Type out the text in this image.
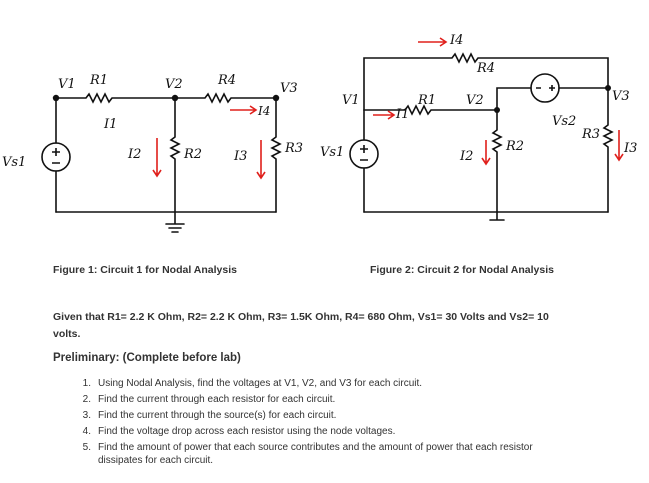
V1 R1	V2	R4
V3
I1
I2	R2 I3
R3
Vs1
I4
I4
R4
V1
I1
R1 V2
Vs2
V3
R2
I2
R3
I3
Vs1
Figure 1: Circuit 1 for Nodal Analysis	Figure 2: Circuit 2 for Nodal Analysis
Given that R1= 2.2 K Ohm, R2= 2.2 K Ohm, R3= 1.5K Ohm, R4= 680 Ohm, Vs1= 30 Volts and Vs2= 10 volts.
Preliminary: (Complete before lab)
1. Using Nodal Analysis, find the voltages at V1, V2, and V3 for each circuit.
2. Find the current through each resistor for each circuit.
3. Find the current through the source(s) for each circuit.
4. Find the voltage drop across each resistor using the node voltages.
5. Find the amount of power that each source contributes and the amount of power that each resistor dissipates for each circuit.
